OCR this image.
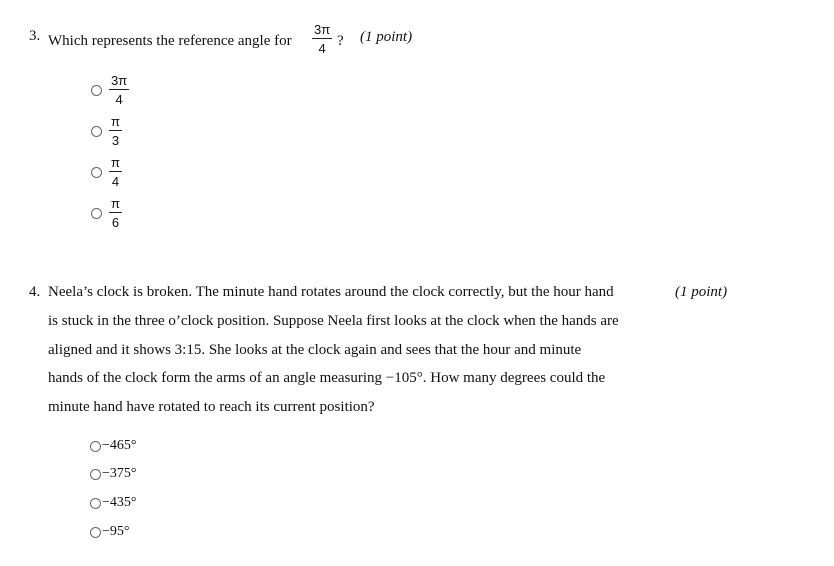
3. Which represents the reference angle for
3π
4 ? (1 point)
3π
4
π
3
π
4
π
6
4. Neela’s clock is broken. The minute hand rotates around the clock correctly, but the hour hand
is stuck in the three o’clock position. Suppose Neela first looks at the clock when the hands are
aligned and it shows 3:15. She looks at the clock again and sees that the hour and minute
hands of the clock form the arms of an angle measuring −105°. How many degrees could the
minute hand have rotated to reach its current position?
(1 point)
−465°
−375°
−435°
−95°
